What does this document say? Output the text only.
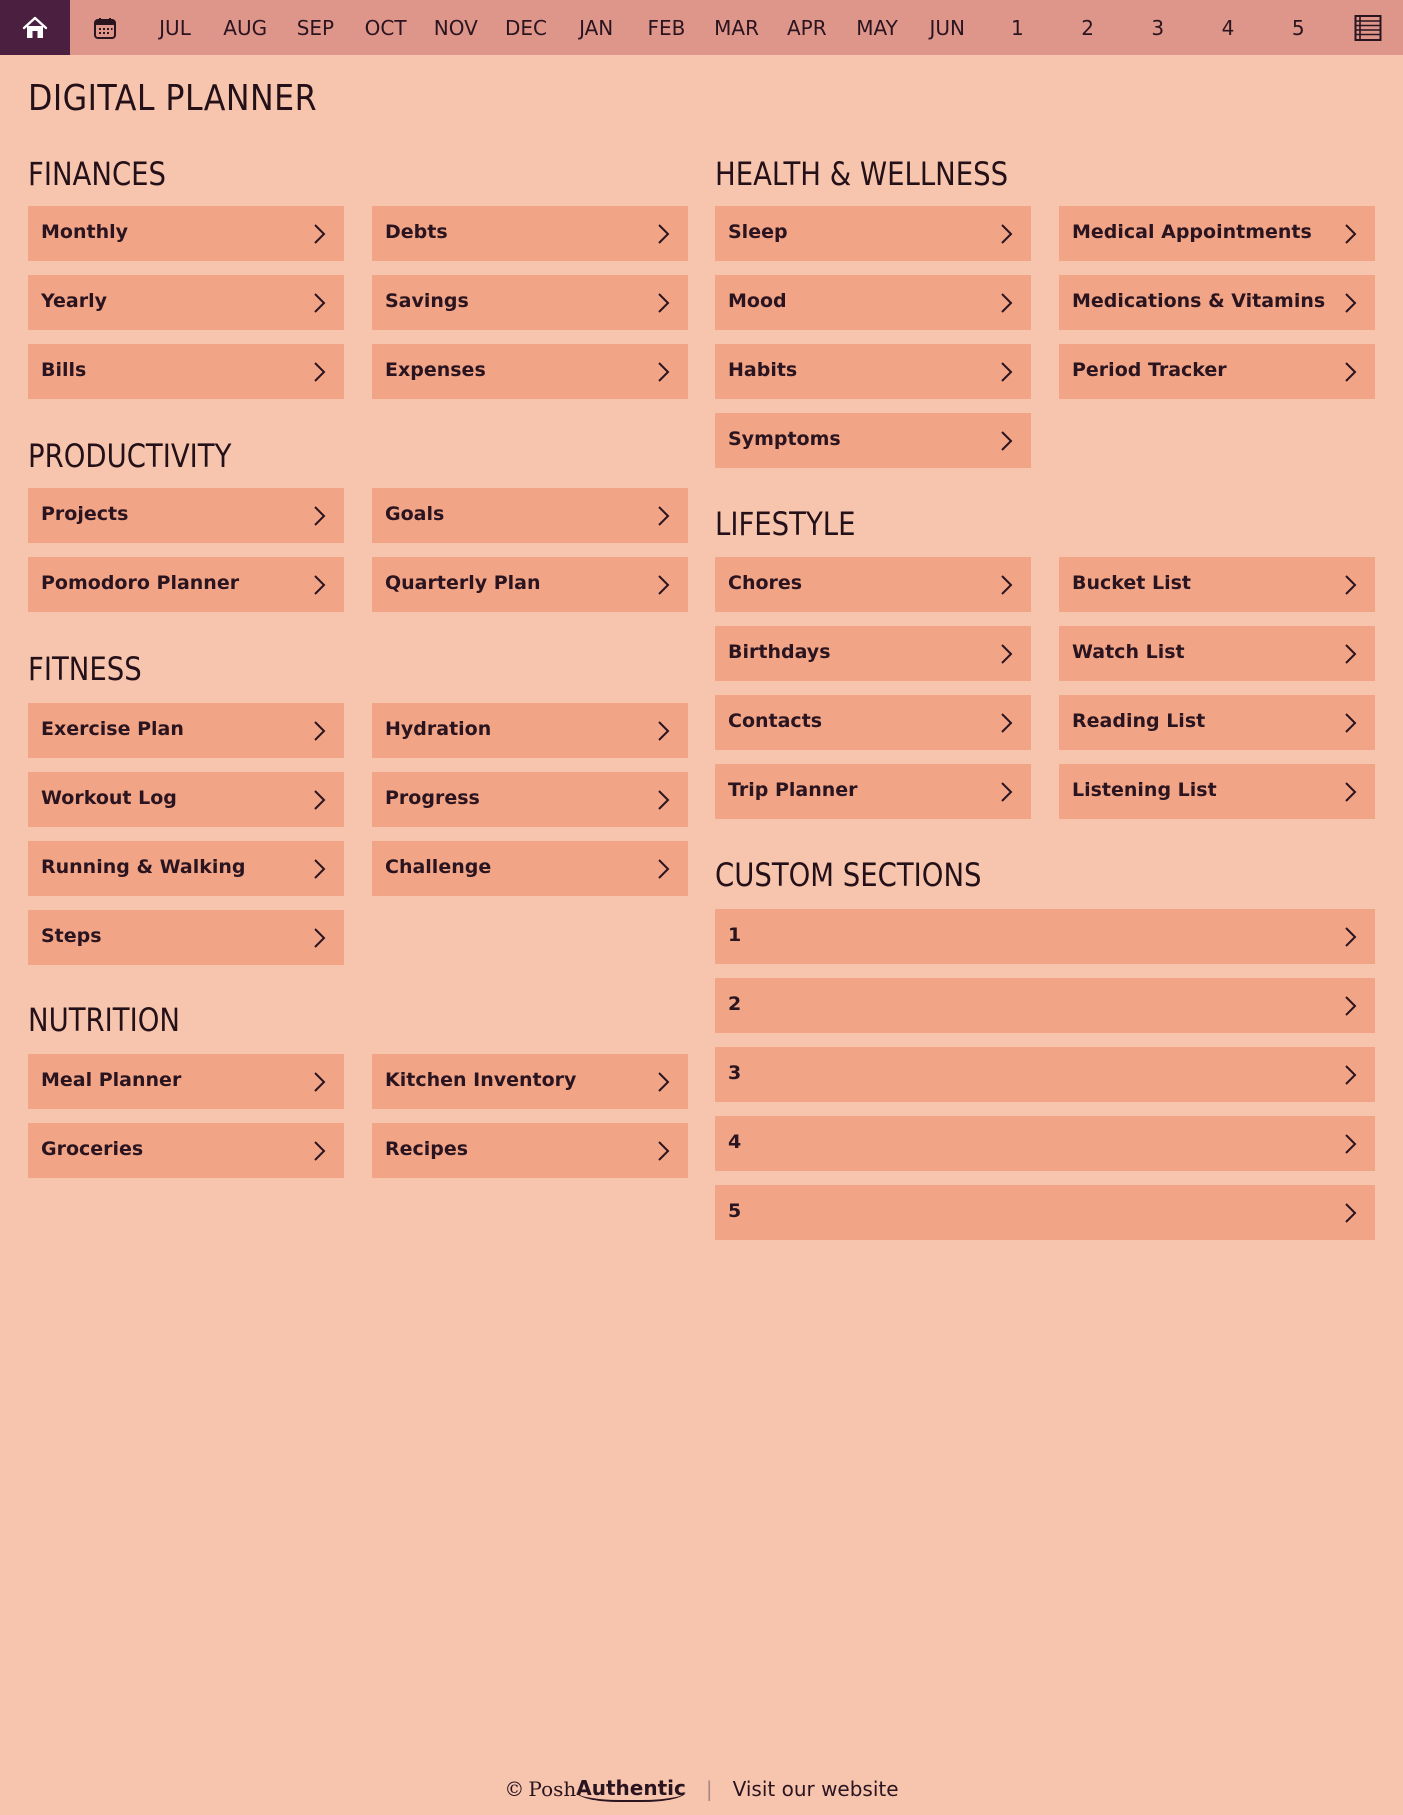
JUL	AUG	SEP	OCT	NOV	DEC	JAN	FEB	MAR	APR	MAY	JUN	1	2	3	4	5
DIGITAL PLANNER
FINANCES
Monthly	Debts
Yearly	Savings
Bills	Expenses
PRODUCTIVITY
Projects	Goals
Pomodoro Planner	Quarterly Plan
FITNESS
Exercise Plan	Hydration
Workout Log	Progress
Running & Walking	Challenge
Steps
NUTRITION
Meal Planner	Kitchen Inventory
Groceries	Recipes
HEALTH & WELLNESS
Sleep	Medical Appointments
Mood	Medications & Vitamins
Habits	Period Tracker
Symptoms
LIFESTYLE
Chores	Bucket List
Birthdays	Watch List
Contacts	Reading List
Trip Planner	Listening List
CUSTOM SECTIONS
1
2
3
4
5
© Posh Authentic | Visit our website
